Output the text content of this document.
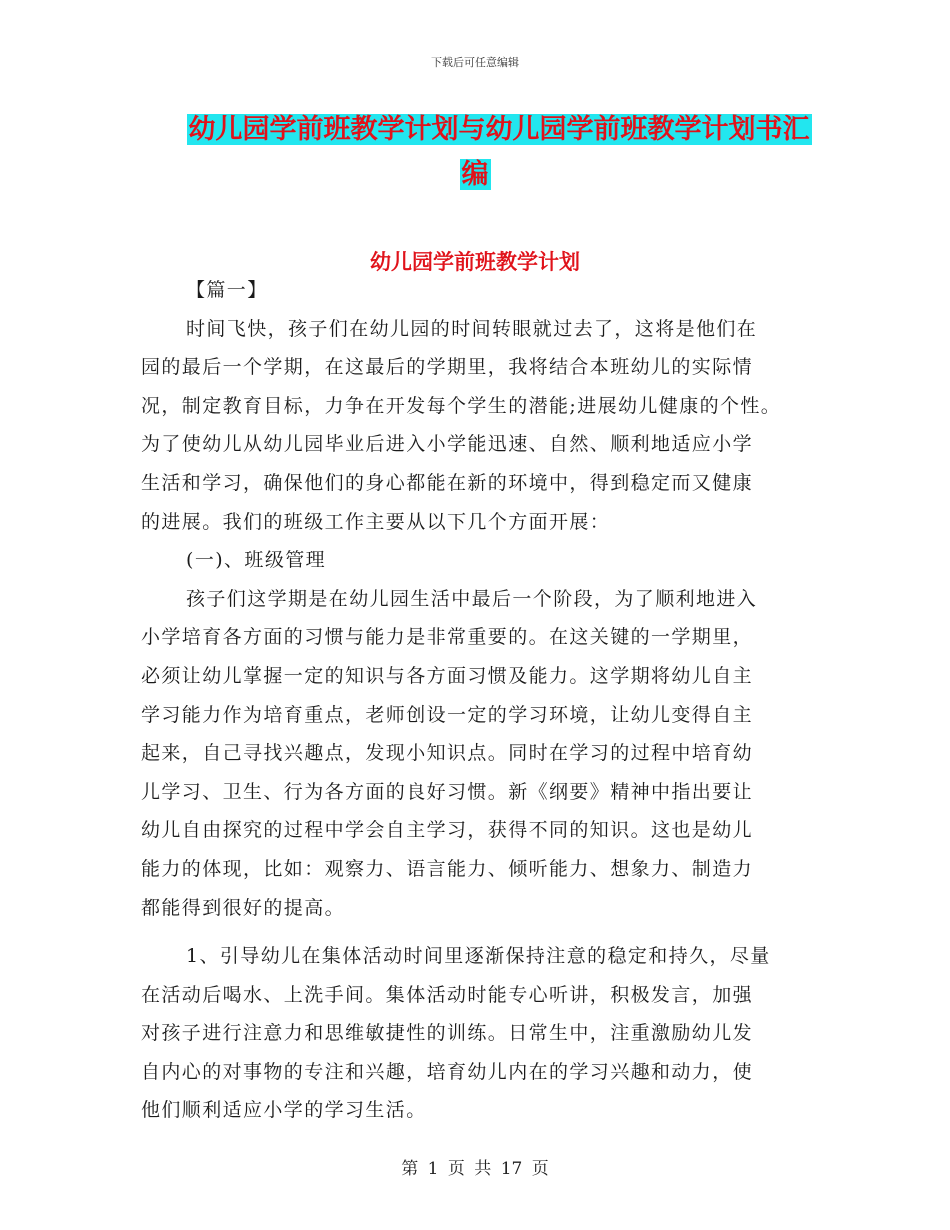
下载后可任意编辑
幼儿园学前班教学计划与幼儿园学前班教学计划书汇
编
幼儿园学前班教学计划
【篇一】
时间飞快，孩子们在幼儿园的时间转眼就过去了，这将是他们在
园的最后一个学期，在这最后的学期里，我将结合本班幼儿的实际情
况，制定教育目标，力争在开发每个学生的潜能;进展幼儿健康的个性。
为了使幼儿从幼儿园毕业后进入小学能迅速、自然、顺利地适应小学
生活和学习，确保他们的身心都能在新的环境中，得到稳定而又健康
的进展。我们的班级工作主要从以下几个方面开展：
(一)、班级管理
孩子们这学期是在幼儿园生活中最后一个阶段，为了顺利地进入
小学培育各方面的习惯与能力是非常重要的。在这关键的一学期里，
必须让幼儿掌握一定的知识与各方面习惯及能力。这学期将幼儿自主
学习能力作为培育重点，老师创设一定的学习环境，让幼儿变得自主
起来，自己寻找兴趣点，发现小知识点。同时在学习的过程中培育幼
儿学习、卫生、行为各方面的良好习惯。新《纲要》精神中指出要让
幼儿自由探究的过程中学会自主学习，获得不同的知识。这也是幼儿
能力的体现，比如：观察力、语言能力、倾听能力、想象力、制造力
都能得到很好的提高。
1、引导幼儿在集体活动时间里逐渐保持注意的稳定和持久，尽量
在活动后喝水、上洗手间。集体活动时能专心听讲，积极发言，加强
对孩子进行注意力和思维敏捷性的训练。日常生中，注重激励幼儿发
自内心的对事物的专注和兴趣，培育幼儿内在的学习兴趣和动力，使
他们顺利适应小学的学习生活。
第 1 页 共 17 页
